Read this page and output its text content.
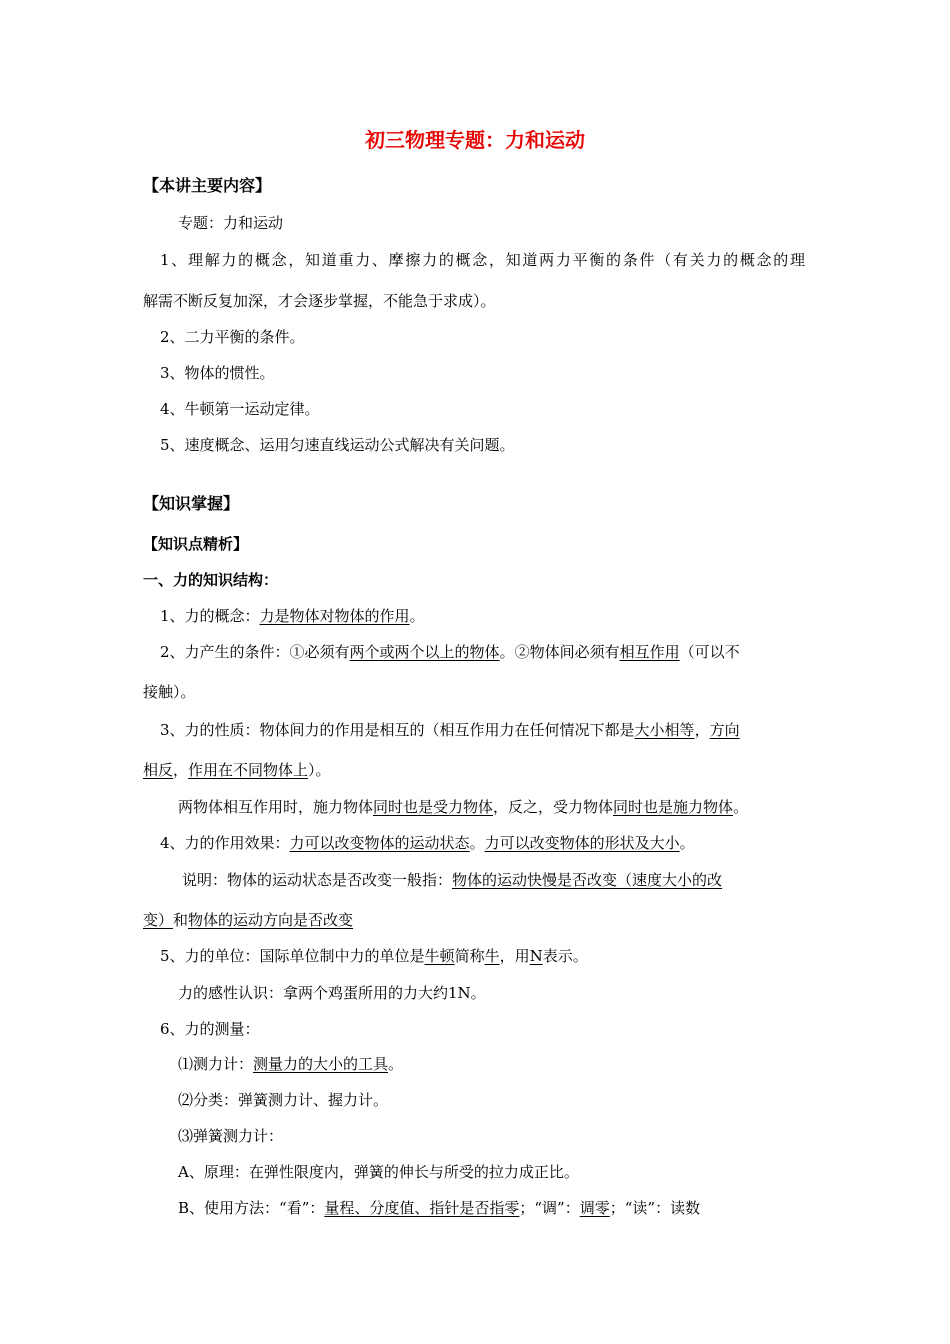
初三物理专题：力和运动
【本讲主要内容】
专题：力和运动
1、理解力的概念，知道重力、摩擦力的概念，知道两力平衡的条件（有关力的概念的理
解需不断反复加深，才会逐步掌握，不能急于求成）。
2、二力平衡的条件。
3、物体的惯性。
4、牛顿第一运动定律。
5、速度概念、运用匀速直线运动公式解决有关问题。
【知识掌握】
【知识点精析】
一、力的知识结构：
1、力的概念：力是物体对物体的作用。
2、力产生的条件：①必须有两个或两个以上的物体。②物体间必须有相互作用（可以不
接触）。
3、力的性质：物体间力的作用是相互的（相互作用力在任何情况下都是大小相等，方向
相反，作用在不同物体上）。
两物体相互作用时，施力物体同时也是受力物体，反之，受力物体同时也是施力物体。
4、力的作用效果：力可以改变物体的运动状态。力可以改变物体的形状及大小。
说明：物体的运动状态是否改变一般指：物体的运动快慢是否改变（速度大小的改
变）和物体的运动方向是否改变
5、力的单位：国际单位制中力的单位是牛顿简称牛，用N表示。
力的感性认识：拿两个鸡蛋所用的力大约1N。
6、力的测量：
⑴测力计：测量力的大小的工具。
⑵分类：弹簧测力计、握力计。
⑶弹簧测力计：
A、原理：在弹性限度内，弹簧的伸长与所受的拉力成正比。
B、使用方法：“看”：量程、分度值、指针是否指零；“调”：调零；“读”：读数
